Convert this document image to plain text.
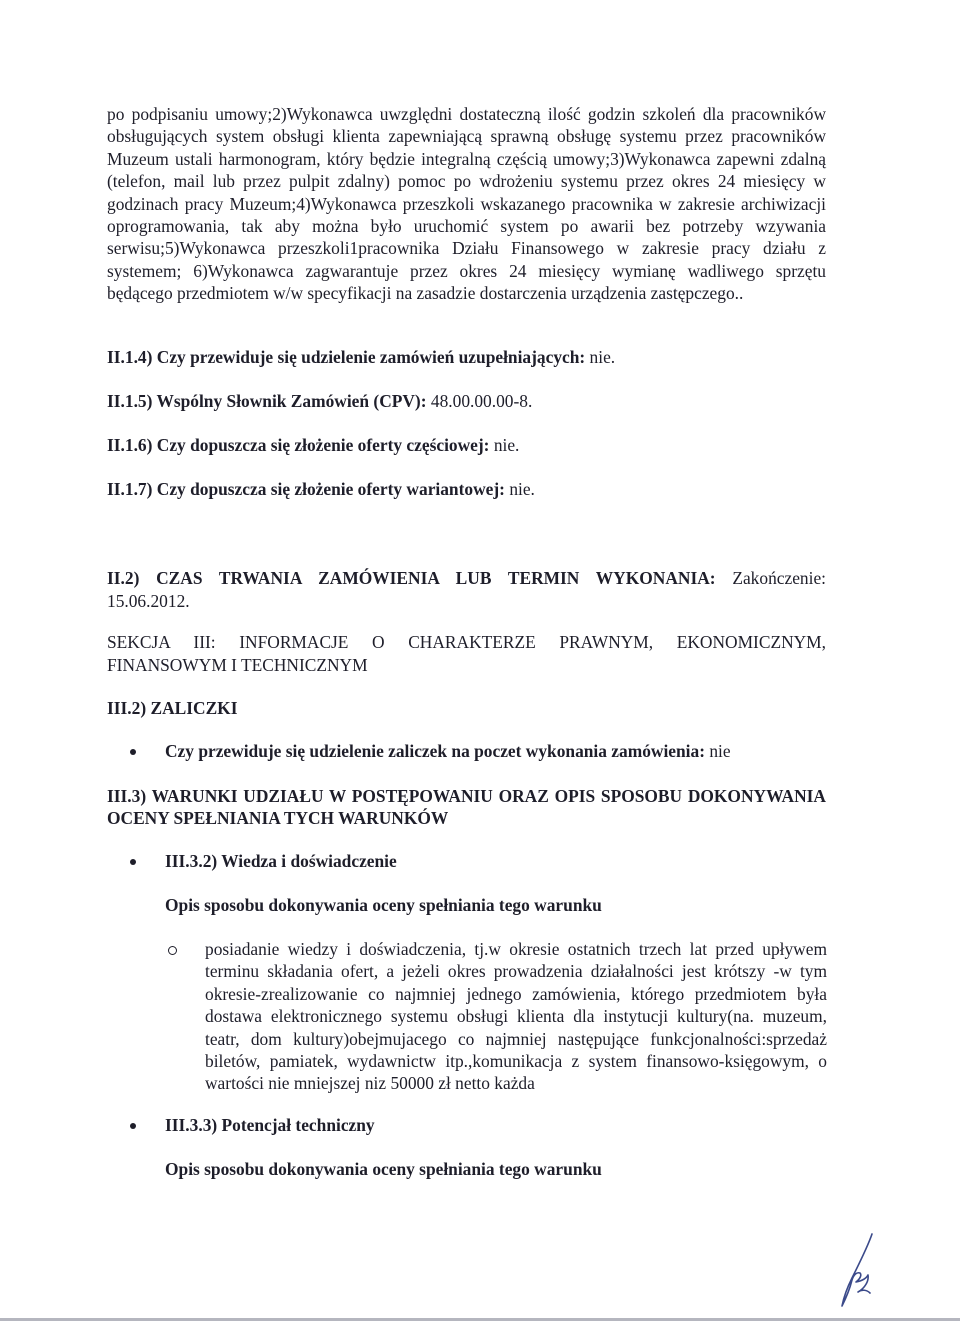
po podpisaniu umowy;2)Wykonawca uwzględni dostateczną ilość godzin szkoleń dla pracowników obsługujących system obsługi klienta zapewniającą sprawną obsługę systemu przez pracowników Muzeum ustali harmonogram, który będzie integralną częścią umowy;3)Wykonawca zapewni zdalną (telefon, mail lub przez pulpit zdalny) pomoc po wdrożeniu systemu przez okres 24 miesięcy w godzinach pracy Muzeum;4)Wykonawca przeszkoli wskazanego pracownika w zakresie archiwizacji oprogramowania, tak aby można było uruchomić system po awarii bez potrzeby wzywania serwisu;5)Wykonawca przeszkoli1pracownika Działu Finansowego w zakresie pracy działu z systemem; 6)Wykonawca zagwarantuje przez okres 24 miesięcy wymianę wadliwego sprzętu będącego przedmiotem w/w specyfikacji na zasadzie dostarczenia urządzenia zastępczego..
II.1.4) Czy przewiduje się udzielenie zamówień uzupełniających: nie.
II.1.5) Wspólny Słownik Zamówień (CPV): 48.00.00.00-8.
II.1.6) Czy dopuszcza się złożenie oferty częściowej: nie.
II.1.7) Czy dopuszcza się złożenie oferty wariantowej: nie.
II.2) CZAS TRWANIA ZAMÓWIENIA LUB TERMIN WYKONANIA: Zakończenie: 15.06.2012.
SEKCJA III: INFORMACJE O CHARAKTERZE PRAWNYM, EKONOMICZNYM, FINANSOWYM I TECHNICZNYM
III.2) ZALICZKI
Czy przewiduje się udzielenie zaliczek na poczet wykonania zamówienia: nie
III.3) WARUNKI UDZIAŁU W POSTĘPOWANIU ORAZ OPIS SPOSOBU DOKONYWANIA OCENY SPEŁNIANIA TYCH WARUNKÓW
III.3.2) Wiedza i doświadczenie
Opis sposobu dokonywania oceny spełniania tego warunku
posiadanie wiedzy i doświadczenia, tj.w okresie ostatnich trzech lat przed upływem terminu składania ofert, a jeżeli okres prowadzenia działalności jest krótszy -w tym okresie-zrealizowanie co najmniej jednego zamówienia, którego przedmiotem była dostawa elektronicznego systemu obsługi klienta dla instytucji kultury(na. muzeum, teatr, dom kultury)obejmujacego co najmniej następujące funkcjonalności:sprzedaż biletów, pamiatek, wydawnictw itp.,komunikacja z system finansowo-księgowym, o wartości nie mniejszej niz 50000 zł netto każda
III.3.3) Potencjał techniczny
Opis sposobu dokonywania oceny spełniania tego warunku
